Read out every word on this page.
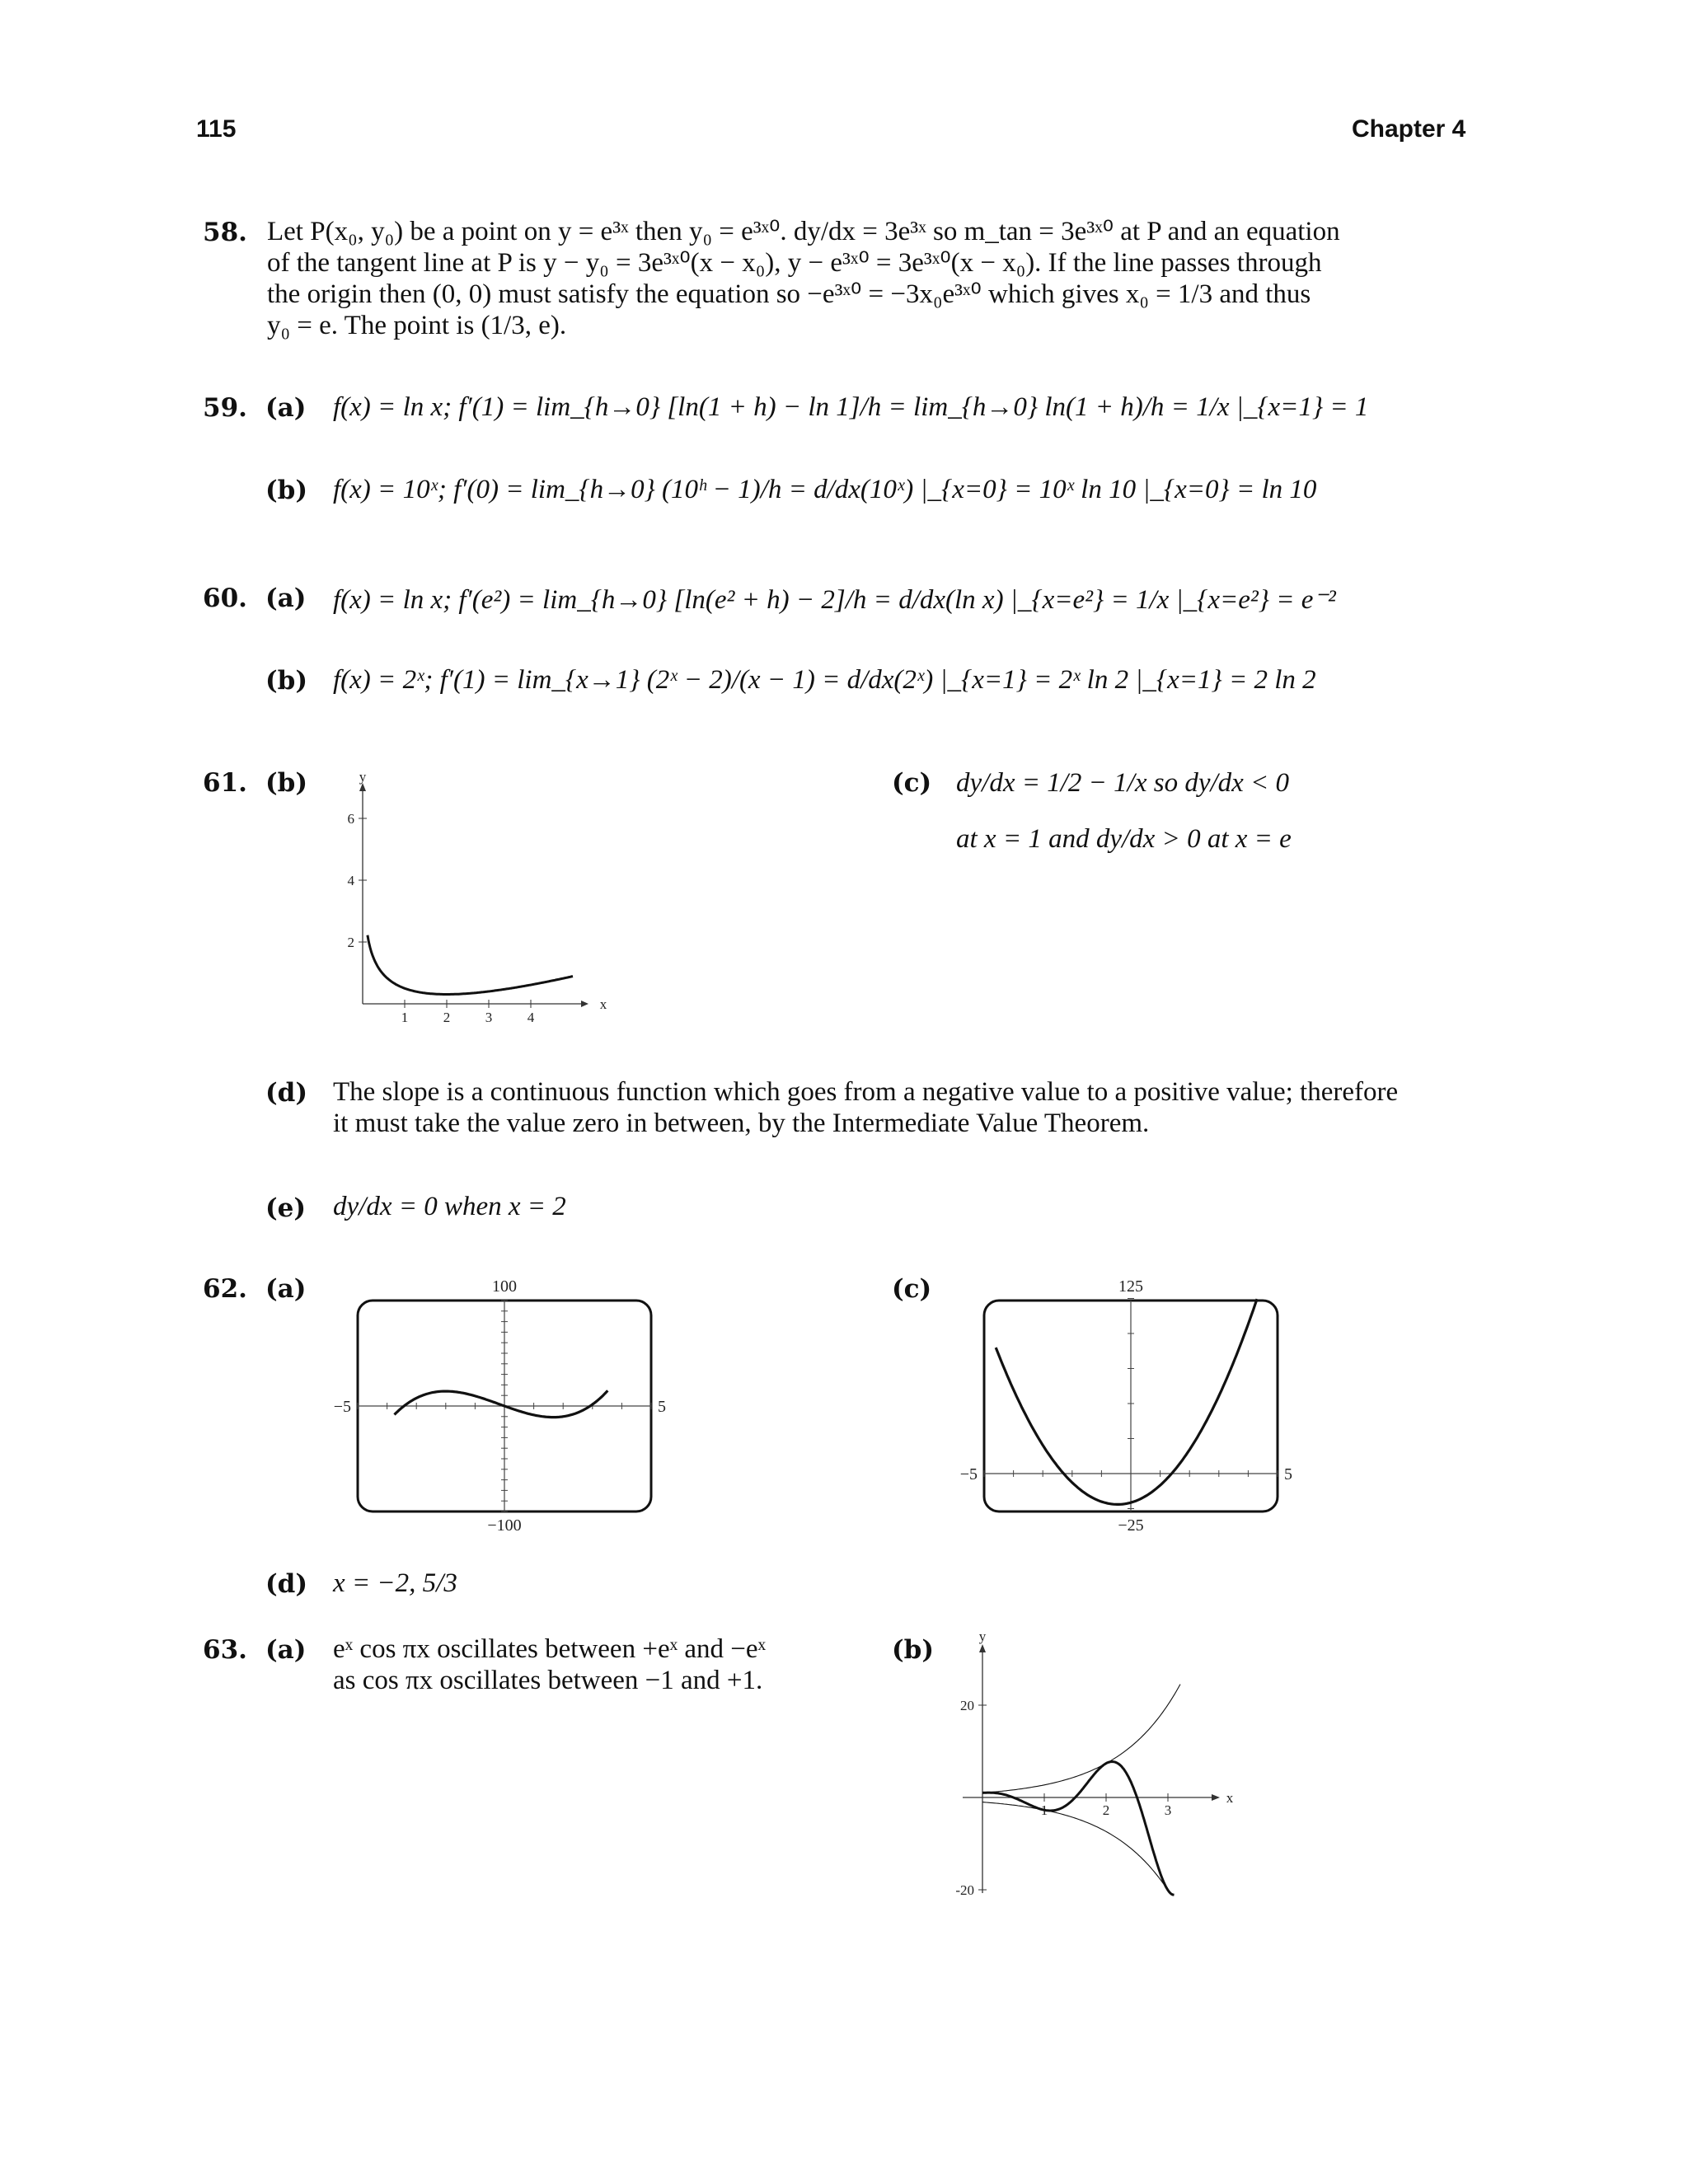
115	Chapter 4
58. Let P(x₀, y₀) be a point on y = e³ˣ then y₀ = e³ˣ⁰. dy/dx = 3e³ˣ so m_tan = 3e³ˣ⁰ at P and an equation
of the tangent line at P is y − y₀ = 3e³ˣ⁰(x − x₀), y − e³ˣ⁰ = 3e³ˣ⁰(x − x₀). If the line passes through
the origin then (0, 0) must satisfy the equation so −e³ˣ⁰ = −3x₀e³ˣ⁰ which gives x₀ = 1/3 and thus
y₀ = e. The point is (1/3, e).
59. (a) f(x) = ln x; f′(1) = lim_{h→0} [ln(1 + h) − ln 1]/h = lim_{h→0} ln(1 + h)/h = 1/x |_{x=1} = 1
(b) f(x) = 10ˣ; f′(0) = lim_{h→0} (10ʰ − 1)/h = d/dx(10ˣ) |_{x=0} = 10ˣ ln 10 |_{x=0} = ln 10
60. (a) f(x) = ln x; f′(e²) = lim_{h→0} [ln(e² + h) − 2]/h = d/dx(ln x) |_{x=e²} = 1/x |_{x=e²} = e⁻²
(b) f(x) = 2ˣ; f′(1) = lim_{x→1} (2ˣ − 2)/(x − 1) = d/dx(2ˣ) |_{x=1} = 2ˣ ln 2 |_{x=1} = 2 ln 2
61. (b)
x
y
1	2	3	4
2
4
6
(c) dy/dx = 1/2 − 1/x so dy/dx < 0 at x = 1 and dy/dx > 0 at x = e
(d) The slope is a continuous function which goes from a negative value to a positive value; therefore
it must take the value zero in between, by the Intermediate Value Theorem.
(e) dy/dx = 0 when x = 2
62. (a)	100
−100
−5	5
(c)	125
−25
−5	5
(d) x = −2, 5/3
63. (a) eˣ cos πx oscillates between +eˣ and −eˣ
as cos πx oscillates between −1 and +1.
(b)
x
y
1	2	3
20
-20
